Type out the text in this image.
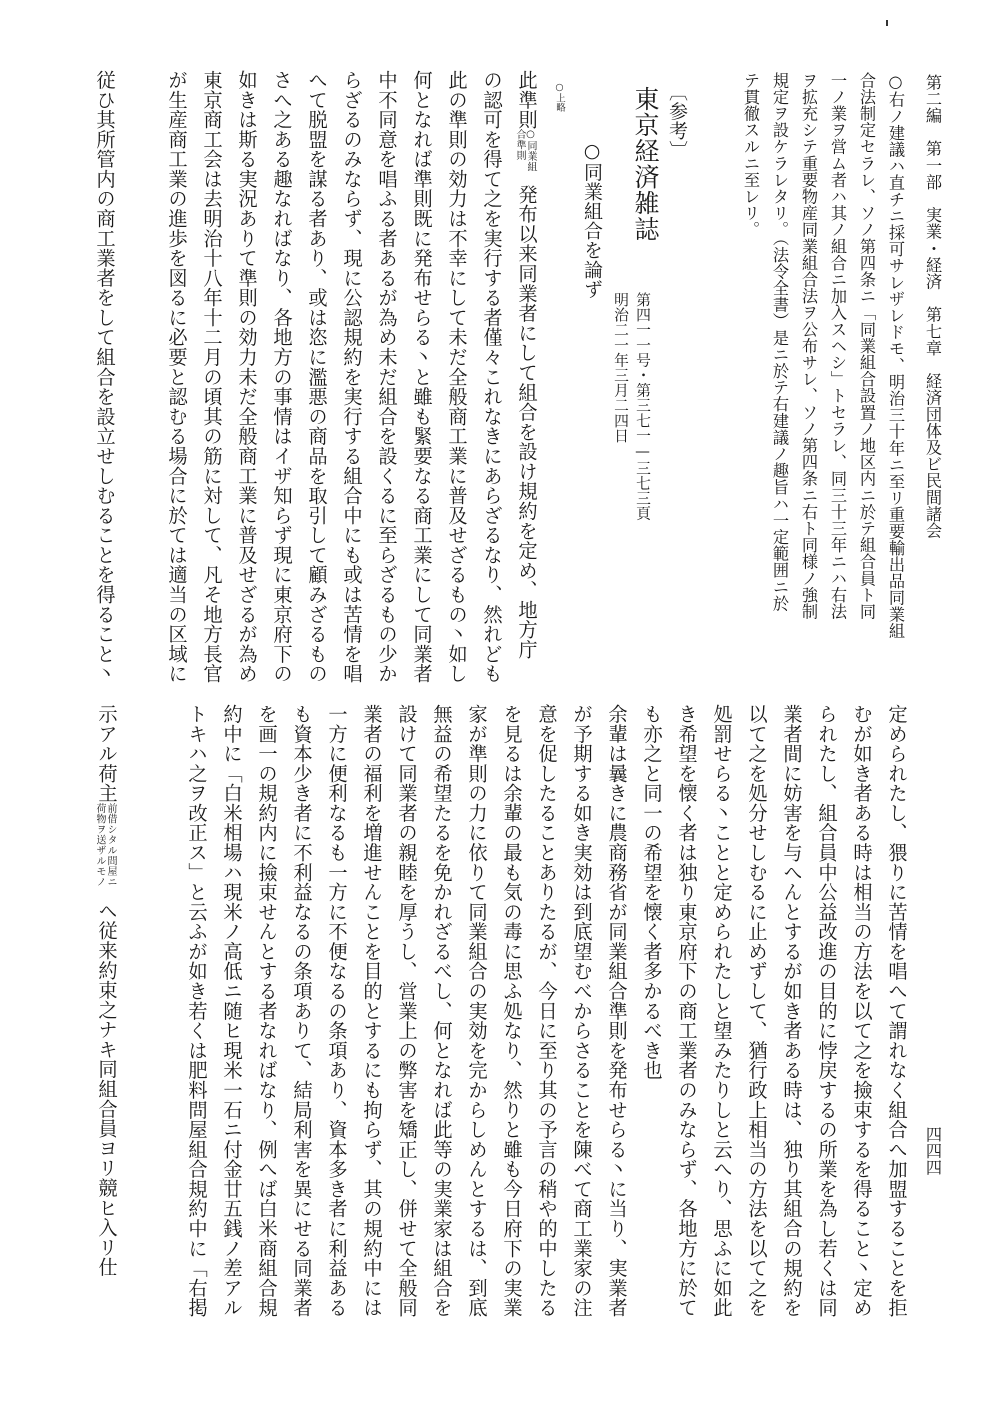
第二編　第一部　実業・経済　第七章　経済団体及ビ民間諸会
四四四
○右ノ建議ハ直チニ採可サレザレドモ、明治三十年ニ至リ重要輸出品同業組
合法制定セラレ、ソノ第四条ニ「同業組合設置ノ地区内ニ於テ組合員ト同
一ノ業ヲ営ム者ハ其ノ組合ニ加入スヘシ」トセラレ、同三十三年ニハ右法
ヲ拡充シテ重要物産同業組合法ヲ公布サレ、ソノ第四条ニ右ト同様ノ強制
規定ヲ設ケラレタリ。（法令全書）是ニ於テ右建議ノ趣旨ハ一定範囲ニ於
テ貫徹スルニ至レリ。
〔参考〕
東京経済雑誌
第四一一号・第三七一—三七三頁
明治二一年三月二四日
○同業組合を論ず
○上略
此準則○同業組 合準則発布以来同業者にして組合を設け規約を定め、地方庁
の認可を得て之を実行する者僅々これなきにあらざるなり、然れども
此の準則の効力は不幸にして未だ全般商工業に普及せざるもの丶如し
何となれば準則既に発布せらる丶と雖も緊要なる商工業にして同業者
中不同意を唱ふる者あるが為め未だ組合を設くるに至らざるもの少か
らざるのみならず、現に公認規約を実行する組合中にも或は苦情を唱
へて脱盟を謀る者あり、或は恣に濫悪の商品を取引して顧みざるもの
さへ之ある趣なればなり、各地方の事情はイザ知らず現に東京府下の
如きは斯る実況ありて準則の効力未だ全般商工業に普及せざるが為め
東京商工会は去明治十八年十二月の頃其の筋に対して、凡そ地方長官
が生産商工業の進歩を図るに必要と認むる場合に於ては適当の区域に
従ひ其所管内の商工業者をして組合を設立せしむることを得ること丶
定められたし、猥りに苦情を唱へて謂れなく組合へ加盟することを拒
むが如き者ある時は相当の方法を以て之を撿束するを得ること丶定め
られたし、組合員中公益改進の目的に悖戻するの所業を為し若くは同
業者間に妨害を与へんとするが如き者ある時は、独り其組合の規約を
以て之を処分せしむるに止めずして、猶行政上相当の方法を以て之を
処罰せらる丶ことと定められたしと望みたりしと云へり、思ふに如此
き希望を懐く者は独り東京府下の商工業者のみならず、各地方に於て
も亦之と同一の希望を懐く者多かるべき也
余輩は曩きに農商務省が同業組合準則を発布せらる丶に当り、実業者
が予期する如き実効は到底望むべからさることを陳べて商工業家の注
意を促したることありたるが、今日に至り其の予言の稍や的中したる
を見るは余輩の最も気の毒に思ふ処なり、然りと雖も今日府下の実業
家が準則の力に依りて同業組合の実効を完からしめんとするは、到底
無益の希望たるを免かれざるべし、何となれば此等の実業家は組合を
設けて同業者の親睦を厚うし、営業上の弊害を矯正し、併せて全般同
業者の福利を増進せんことを目的とするにも拘らず、其の規約中には
一方に便利なるも一方に不便なるの条項あり、資本多き者に利益ある
も資本少き者に不利益なるの条項ありて、結局利害を異にせる同業者
を画一の規約内に撿束せんとする者なればなり、例へば白米商組合規
約中に「白米相場ハ現米ノ高低ニ随ヒ現米一石ニ付金廿五銭ノ差アル
トキハ之ヲ改正ス」と云ふが如き若くは肥料問屋組合規約中に「右掲
示アル荷主前借シタル問屋ニ 荷物ヲ送ザルモノヘ従来約束之ナキ同組合員ヨリ競ヒ入リ仕
